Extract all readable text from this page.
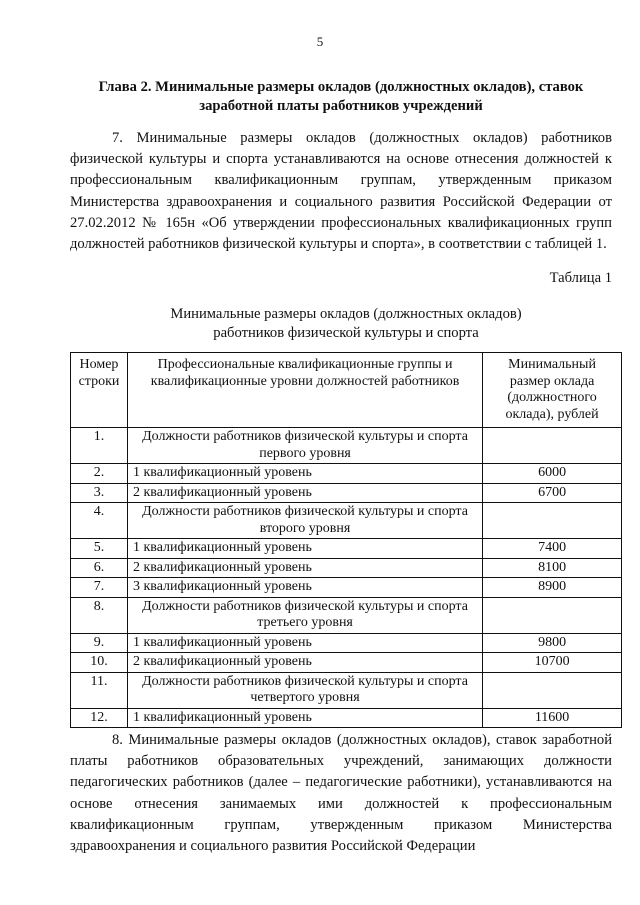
5
Глава 2. Минимальные размеры окладов (должностных окладов), ставок заработной платы работников учреждений

7. Минимальные размеры окладов (должностных окладов) работников физической культуры и спорта устанавливаются на основе отнесения должностей к профессиональным квалификационным группам, утвержденным приказом Министерства здравоохранения и социального развития Российской Федерации от 27.02.2012 № 165н «Об утверждении профессиональных квалификационных групп должностей работников физической культуры и спорта», в соответствии с таблицей 1.

Таблица 1

Минимальные размеры окладов (должностных окладов)
работников физической культуры и спорта

Номер строки	Профессиональные квалификационные группы и квалификационные уровни должностей работников	Минимальный размер оклада (должностного оклада), рублей
1.	Должности работников физической культуры и спорта первого уровня	
2.	1 квалификационный уровень	6000
3.	2 квалификационный уровень	6700
4.	Должности работников физической культуры и спорта второго уровня	
5.	1 квалификационный уровень	7400
6.	2 квалификационный уровень	8100
7.	3 квалификационный уровень	8900
8.	Должности работников физической культуры и спорта третьего уровня	
9.	1 квалификационный уровень	9800
10.	2 квалификационный уровень	10700
11.	Должности работников физической культуры и спорта четвертого уровня	
12.	1 квалификационный уровень	11600

8. Минимальные размеры окладов (должностных окладов), ставок заработной платы работников образовательных учреждений, занимающих должности педагогических работников (далее – педагогические работники), устанавливаются на основе отнесения занимаемых ими должностей к профессиональным квалификационным группам, утвержденным приказом Министерства здравоохранения и социального развития Российской Федерации
